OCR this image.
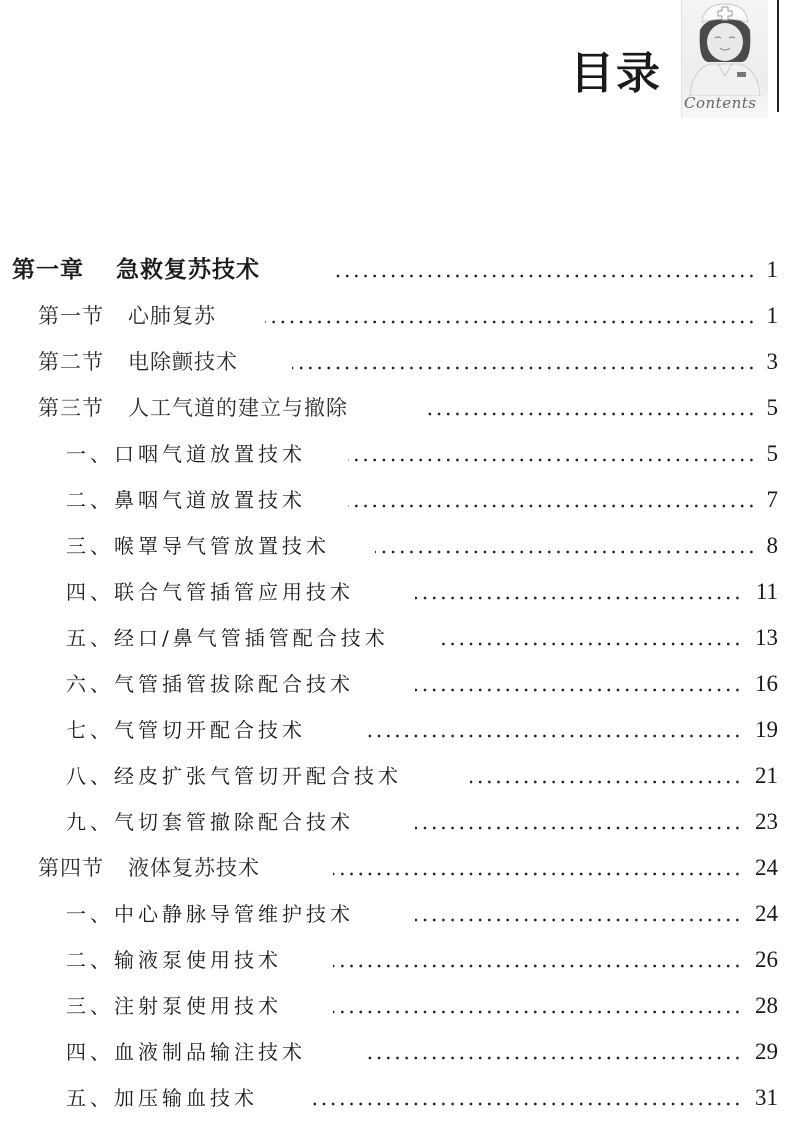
目录
Contents
第一章 急救复苏技术	1
第一节 心肺复苏	1
第二节 电除颤技术	3
第三节 人工气道的建立与撤除	5
一、口咽气道放置技术	5
二、鼻咽气道放置技术	7
三、喉罩导气管放置技术	8
四、联合气管插管应用技术	11
五、经口/鼻气管插管配合技术	13
六、气管插管拔除配合技术	16
七、气管切开配合技术	19
八、经皮扩张气管切开配合技术	21
九、气切套管撤除配合技术	23
第四节 液体复苏技术	24
一、中心静脉导管维护技术	24
二、输液泵使用技术	26
三、注射泵使用技术	28
四、血液制品输注技术	29
五、加压输血技术	31
